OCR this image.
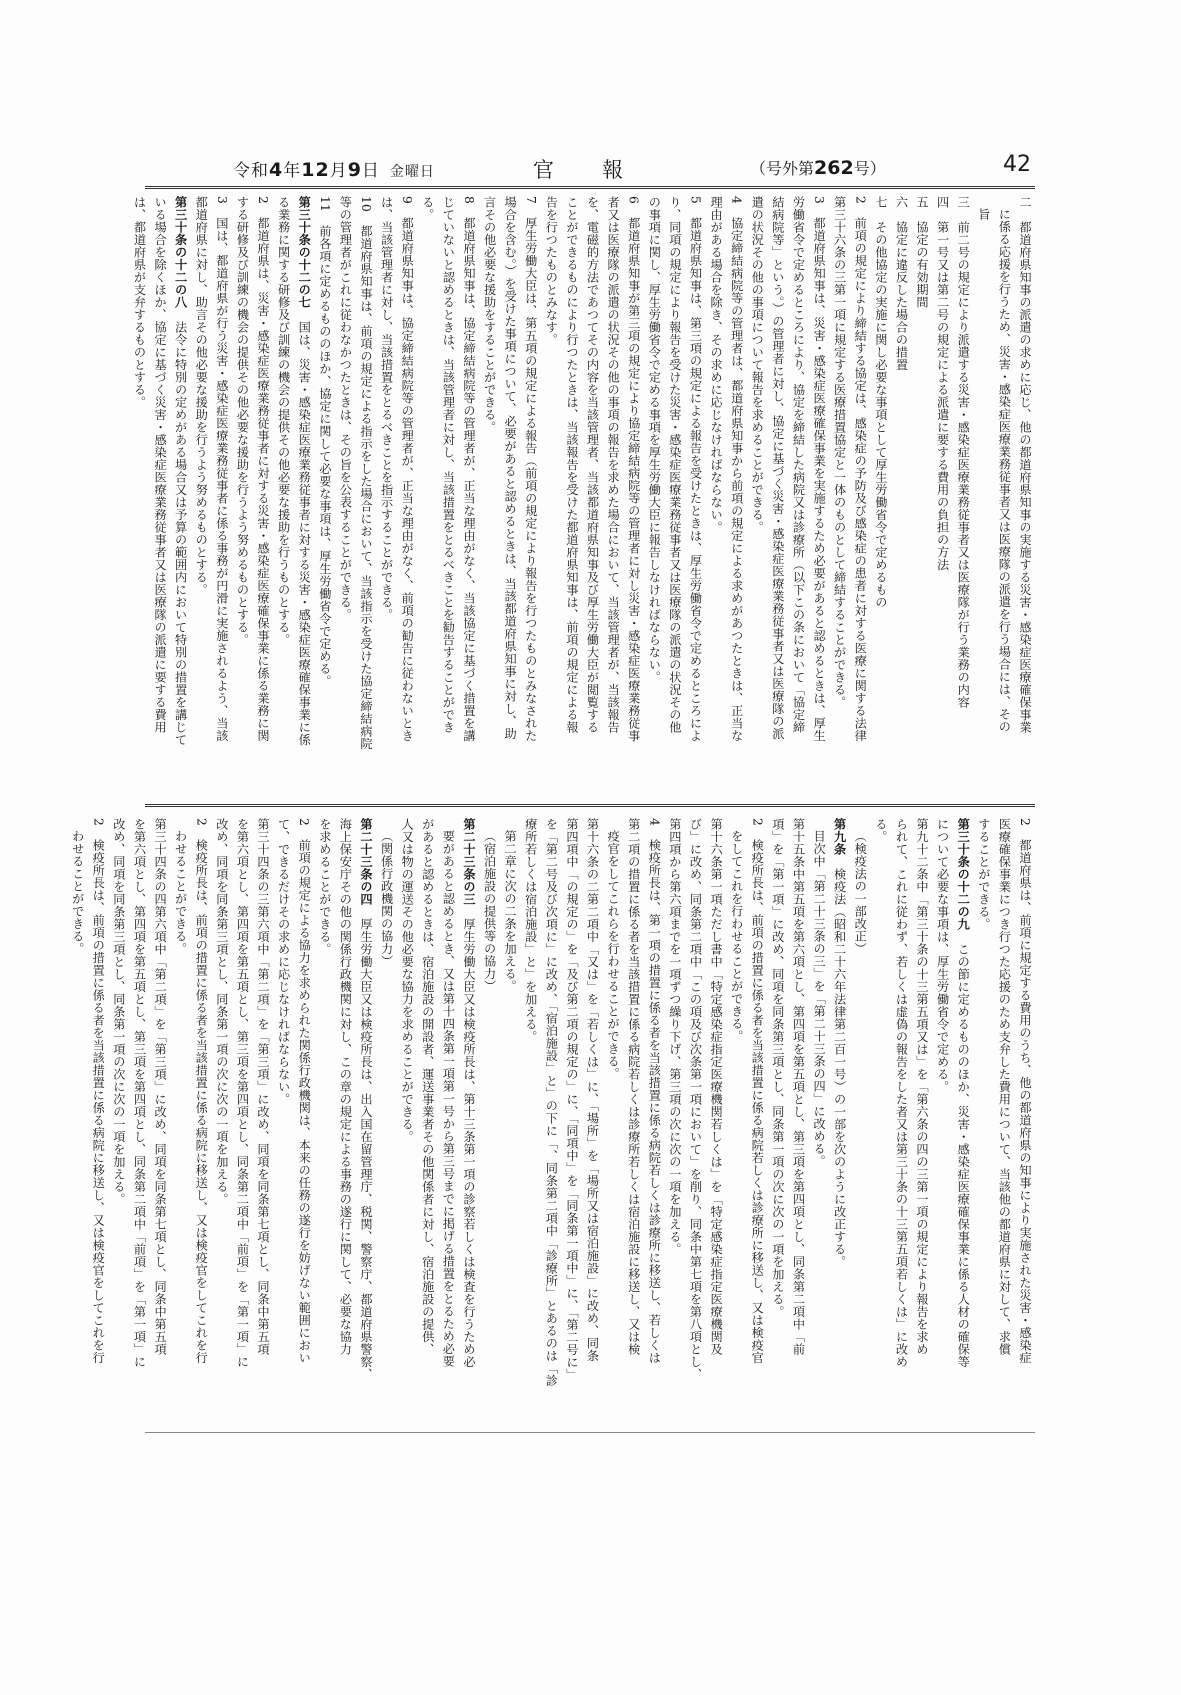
令和4年12月9日 金曜日	官報	（号外第262号）	42
二　都道府県知事の派遣の求めに応じ、他の都道府県知事の実施する災害・感染症医療確保事業
に係る応援を行うため、災害・感染症医療業務従事者又は医療隊の派遣を行う場合には、その
旨
三　前二号の規定により派遣する災害・感染症医療業務従事者又は医療隊が行う業務の内容
四　第一号又は第二号の規定による派遣に要する費用の負担の方法
五　協定の有効期間
六　協定に違反した場合の措置
七　その他協定の実施に関し必要な事項として厚生労働省令で定めるもの
2　前項の規定により締結する協定は、感染症の予防及び感染症の患者に対する医療に関する法律
第三十六条の三第一項に規定する医療措置協定と一体のものとして締結することができる。
3　都道府県知事は、災害・感染症医療確保事業を実施するため必要があると認めるときは、厚生
労働省令で定めるところにより、協定を締結した病院又は診療所（以下この条において「協定締
結病院等」という。）の管理者に対し、協定に基づく災害・感染症医療業務従事者又は医療隊の派
遣の状況その他の事項について報告を求めることができる。
4　協定締結病院等の管理者は、都道府県知事から前項の規定による求めがあつたときは、正当な
理由がある場合を除き、その求めに応じなければならない。
5　都道府県知事は、第三項の規定による報告を受けたときは、厚生労働省令で定めるところによ
り、同項の規定により報告を受けた災害・感染症医療業務従事者又は医療隊の派遣の状況その他
の事項に関し、厚生労働省令で定める事項を厚生労働大臣に報告しなければならない。
6　都道府県知事が第三項の規定により協定締結病院等の管理者に対し災害・感染症医療業務従事
者又は医療隊の派遣の状況その他の事項の報告を求めた場合において、当該管理者が、当該報告
を、電磁的方法であつてその内容を当該管理者、当該都道府県知事及び厚生労働大臣が閲覧する
ことができるものにより行つたときは、当該報告を受けた都道府県知事は、前項の規定による報
告を行つたものとみなす。
7　厚生労働大臣は、第五項の規定による報告（前項の規定により報告を行つたものとみなされた
場合を含む。）を受けた事項について、必要があると認めるときは、当該都道府県知事に対し、助
言その他必要な援助をすることができる。
8　都道府県知事は、協定締結病院等の管理者が、正当な理由がなく、当該協定に基づく措置を講
じていないと認めるときは、当該管理者に対し、当該措置をとるべきことを勧告することができ
る。
9　都道府県知事は、協定締結病院等の管理者が、正当な理由がなく、前項の勧告に従わないとき
は、当該管理者に対し、当該措置をとるべきことを指示することができる。
10　都道府県知事は、前項の規定による指示をした場合において、当該指示を受けた協定締結病院
等の管理者がこれに従わなかつたときは、その旨を公表することができる。
11　前各項に定めるもののほか、協定に関して必要な事項は、厚生労働省令で定める。
第三十条の十二の七　国は、災害・感染症医療業務従事者に対する災害・感染症医療確保事業に係
る業務に関する研修及び訓練の機会の提供その他必要な援助を行うものとする。
2　都道府県は、災害・感染症医療業務従事者に対する災害・感染症医療確保事業に係る業務に関
する研修及び訓練の機会の提供その他必要な援助を行うよう努めるものとする。
3　国は、都道府県が行う災害・感染症医療業務従事者に係る事務が円滑に実施されるよう、当該
都道府県に対し、助言その他必要な援助を行うよう努めるものとする。
第三十条の十二の八　法令に特別の定めがある場合又は予算の範囲内において特別の措置を講じて
いる場合を除くほか、協定に基づく災害・感染症医療業務従事者又は医療隊の派遣に要する費用
は、都道府県が支弁するものとする。
2　都道府県は、前項に規定する費用のうち、他の都道府県の知事により実施された災害・感染症
医療確保事業につき行つた応援のため支弁した費用について、当該他の都道府県に対して、求償
することができる。
第三十条の十二の九　この節に定めるもののほか、災害・感染症医療確保事業に係る人材の確保等
について必要な事項は、厚生労働省令で定める。
第九十二条中「第三十条の十三第五項又は」を「第六条の四の三第一項の規定により報告を求め
られて、これに従わず、若しくは虚偽の報告をした者又は第三十条の十三第五項若しくは」に改め
る。
（検疫法の一部改正）
第九条　検疫法（昭和二十六年法律第二百一号）の一部を次のように改正する。
目次中「第二十三条の三」を「第二十三条の四」に改める。
第十五条中第五項を第六項とし、第四項を第五項とし、第三項を第四項とし、同条第二項中「前
項」を「第一項」に改め、同項を同条第三項とし、同条第一項の次に次の一項を加える。
2　検疫所長は、前項の措置に係る者を当該措置に係る病院若しくは診療所に移送し、又は検疫官
をしてこれを行わせることができる。
第十六条第一項ただし書中「特定感染症指定医療機関若しくは」を「特定感染症指定医療機関及
び」に改め、同条第二項中「この項及び次条第一項において」を削り、同条中第七項を第八項とし、
第四項から第六項までを一項ずつ繰り下げ、第三項の次に次の一項を加える。
4　検疫所長は、第一項の措置に係る者を当該措置に係る病院若しくは診療所に移送し、若しくは
第二項の措置に係る者を当該措置に係る病院若しくは診療所若しくは宿泊施設に移送し、又は検
疫官をしてこれらを行わせることができる。
第十六条の二第二項中「又は」を「若しくは」に、「場所」を「場所又は宿泊施設」に改め、同条
第四項中「の規定の」を「及び第二項の規定の」に、「同項中」を「同条第一項中」に、「第二号に」
を「第二号及び次項に」に改め、「宿泊施設」と」の下に「、同条第二項中「診療所」とあるのは「診
療所若しくは宿泊施設」と」を加える。
第二章に次の二条を加える。
（宿泊施設の提供等の協力）
第二十三条の三　厚生労働大臣又は検疫所長は、第十三条第一項の診察若しくは検査を行うため必
要があると認めるとき、又は第十四条第一項第一号から第三号までに掲げる措置をとるため必要
があると認めるときは、宿泊施設の開設者、運送事業者その他関係者に対し、宿泊施設の提供、
人又は物の運送その他必要な協力を求めることができる。
（関係行政機関の協力）
第二十三条の四　厚生労働大臣又は検疫所長は、出入国在留管理庁、税関、警察庁、都道府県警察、
海上保安庁その他の関係行政機関に対し、この章の規定による事務の遂行に関して、必要な協力
を求めることができる。
2　前項の規定による協力を求められた関係行政機関は、本来の任務の遂行を妨げない範囲におい
て、できるだけその求めに応じなければならない。
第三十四条の三第六項中「第二項」を「第三項」に改め、同項を同条第七項とし、同条中第五項
を第六項とし、第四項を第五項とし、第三項を第四項とし、同条第二項中「前項」を「第一項」に
改め、同項を同条第三項とし、同条第一項の次に次の一項を加える。
2　検疫所長は、前項の措置に係る者を当該措置に係る病院に移送し、又は検疫官をしてこれを行
わせることができる。
第三十四条の四第六項中「第二項」を「第三項」に改め、同項を同条第七項とし、同条中第五項
を第六項とし、第四項を第五項とし、第三項を第四項とし、同条第二項中「前項」を「第一項」に
改め、同項を同条第三項とし、同条第一項の次に次の一項を加える。
2　検疫所長は、前項の措置に係る者を当該措置に係る病院に移送し、又は検疫官をしてこれを行
わせることができる。
